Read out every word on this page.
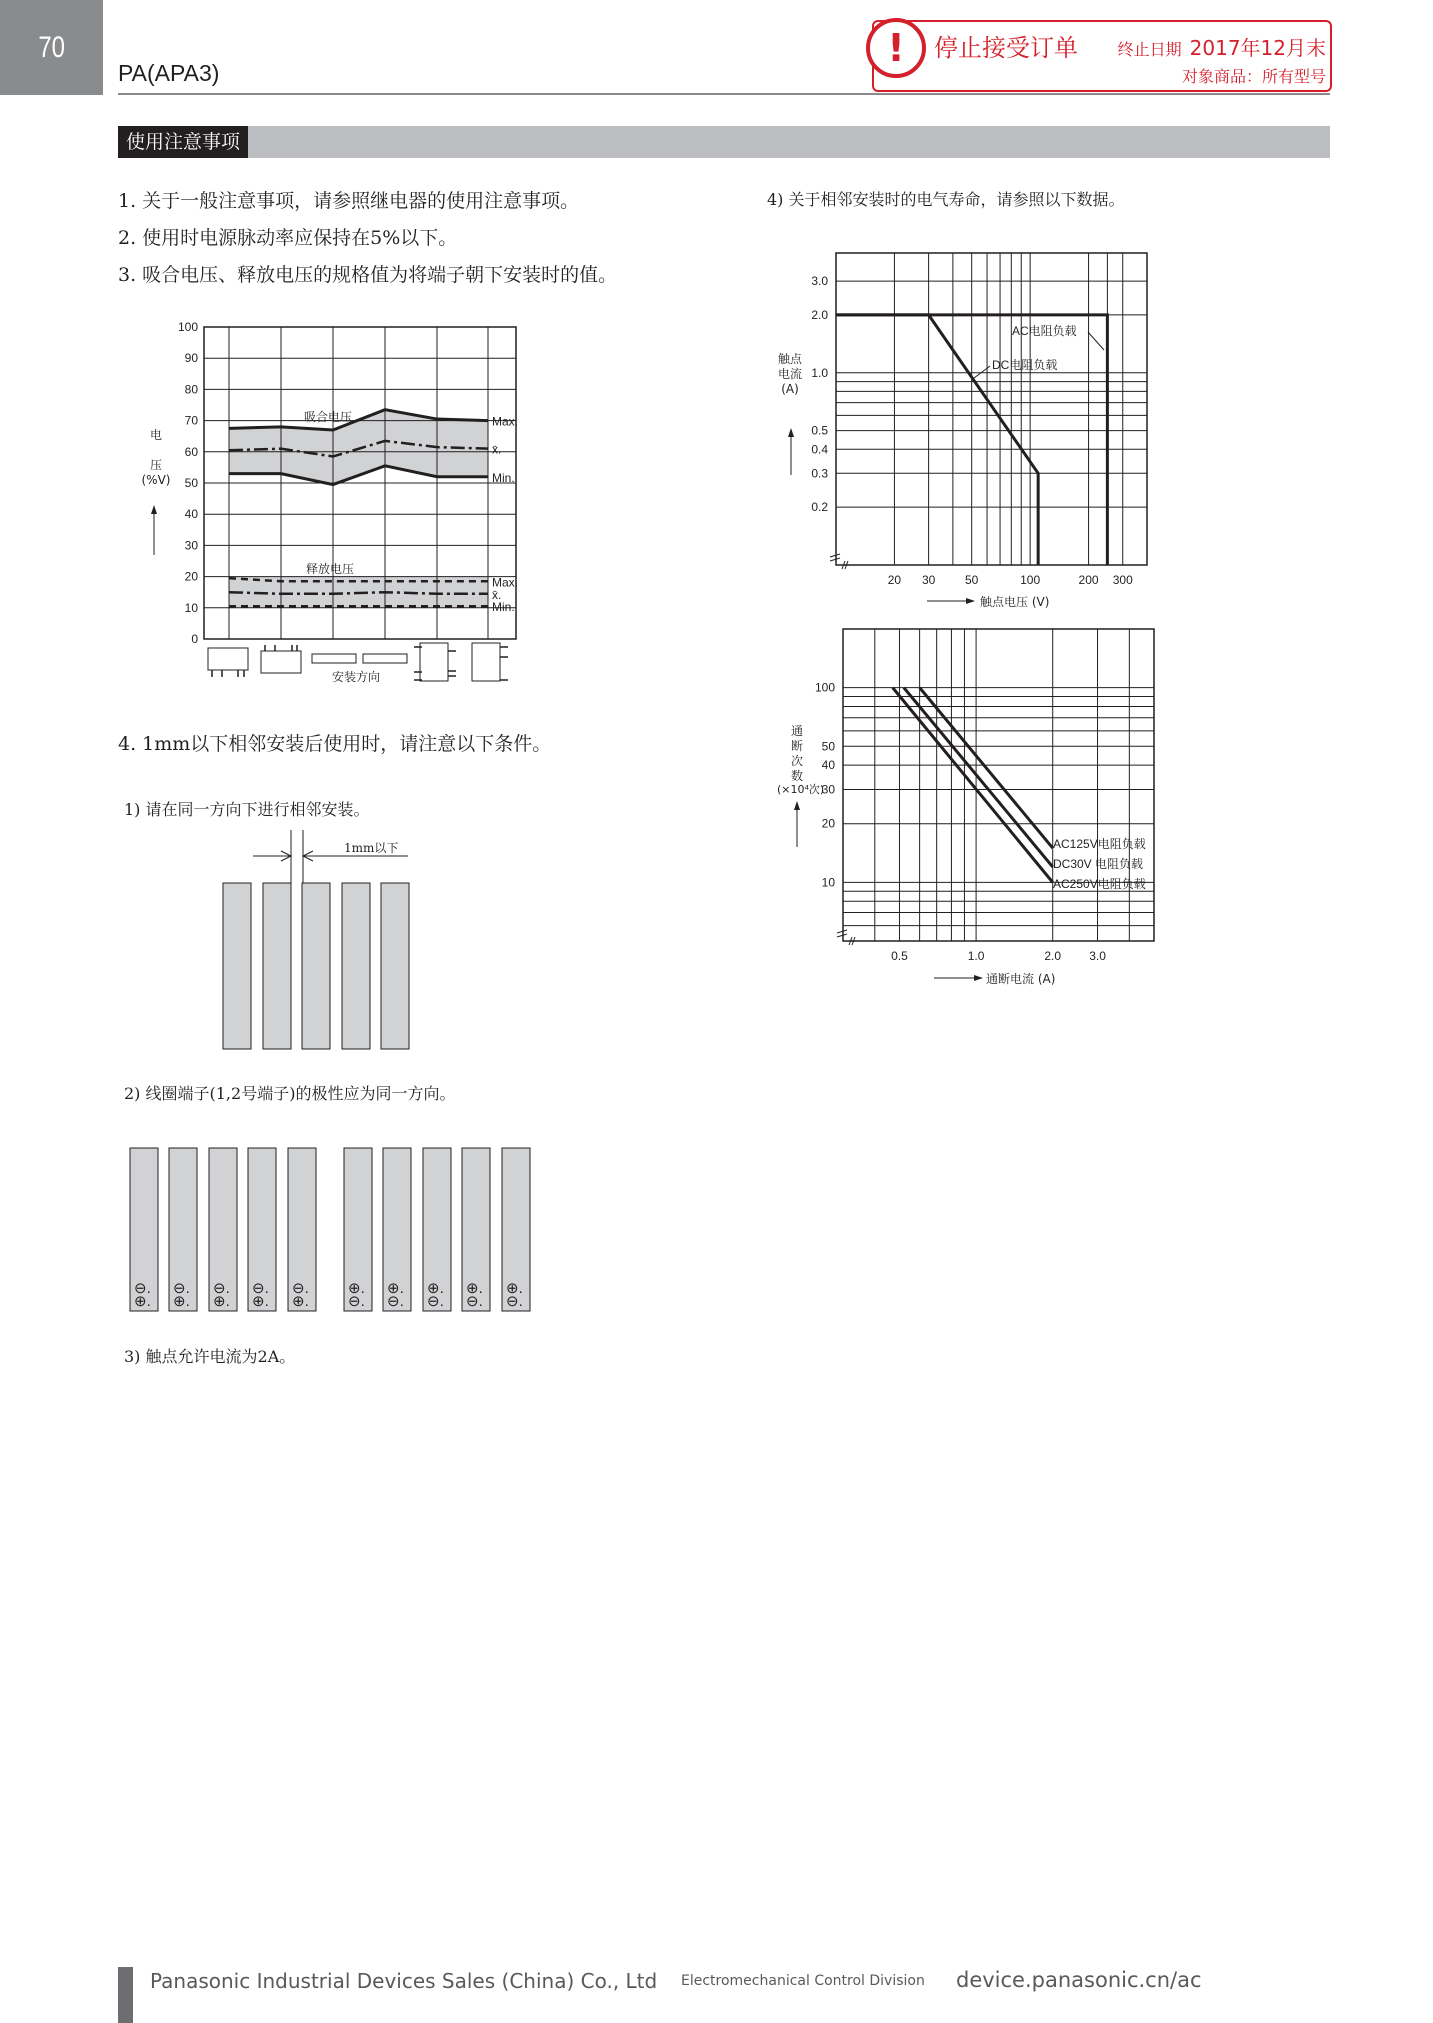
70
PA(APA3)
!	停止接受订单 终止日期 2017年12月末
对象商品：所有型号
使用注意事项
1. 关于一般注意事项，请参照继电器的使用注意事项。
2. 使用时电源脉动率应保持在5%以下。
3. 吸合电压、释放电压的规格值为将端子朝下安装时的值。
4. 1mm以下相邻安装后使用时，请注意以下条件。
1) 请在同一方向下进行相邻安装。
2) 线圈端子(1,2号端子)的极性应为同一方向。
3) 触点允许电流为2A。
4) 关于相邻安装时的电气寿命，请参照以下数据。
1mm以下
电

压
(%V)
安装方向
吸合电压
释放电压
触点电流 (A)
触点电压 (V)
通断次数
(×10⁴次)
通断电流 (A)
0
10
20
30
40
50
60
70
80
90
100
Max.
x̄.
Min.
Max.
x̄.
Min.
0.2
0.3
0.4
0.5
1.0
2.0
3.0
20 30 50	100	200 300
AC电阻负载
DC电阻负载
10
20
30
40
50
100
0.5	1.0	2.0 3.0
AC125V电阻负载
DC30V 电阻负载
AC250V电阻负载
⊖.
⊕.
⊖.
⊕.
⊖.
⊕.
⊖.
⊕.
⊖.
⊕.
⊕.
⊖.
⊕.
⊖.
⊕.
⊖.
⊕.
⊖.
⊕.
⊖.
Panasonic Industrial Devices Sales (China) Co., Ltd Electromechanical Control Division device.panasonic.cn/ac
